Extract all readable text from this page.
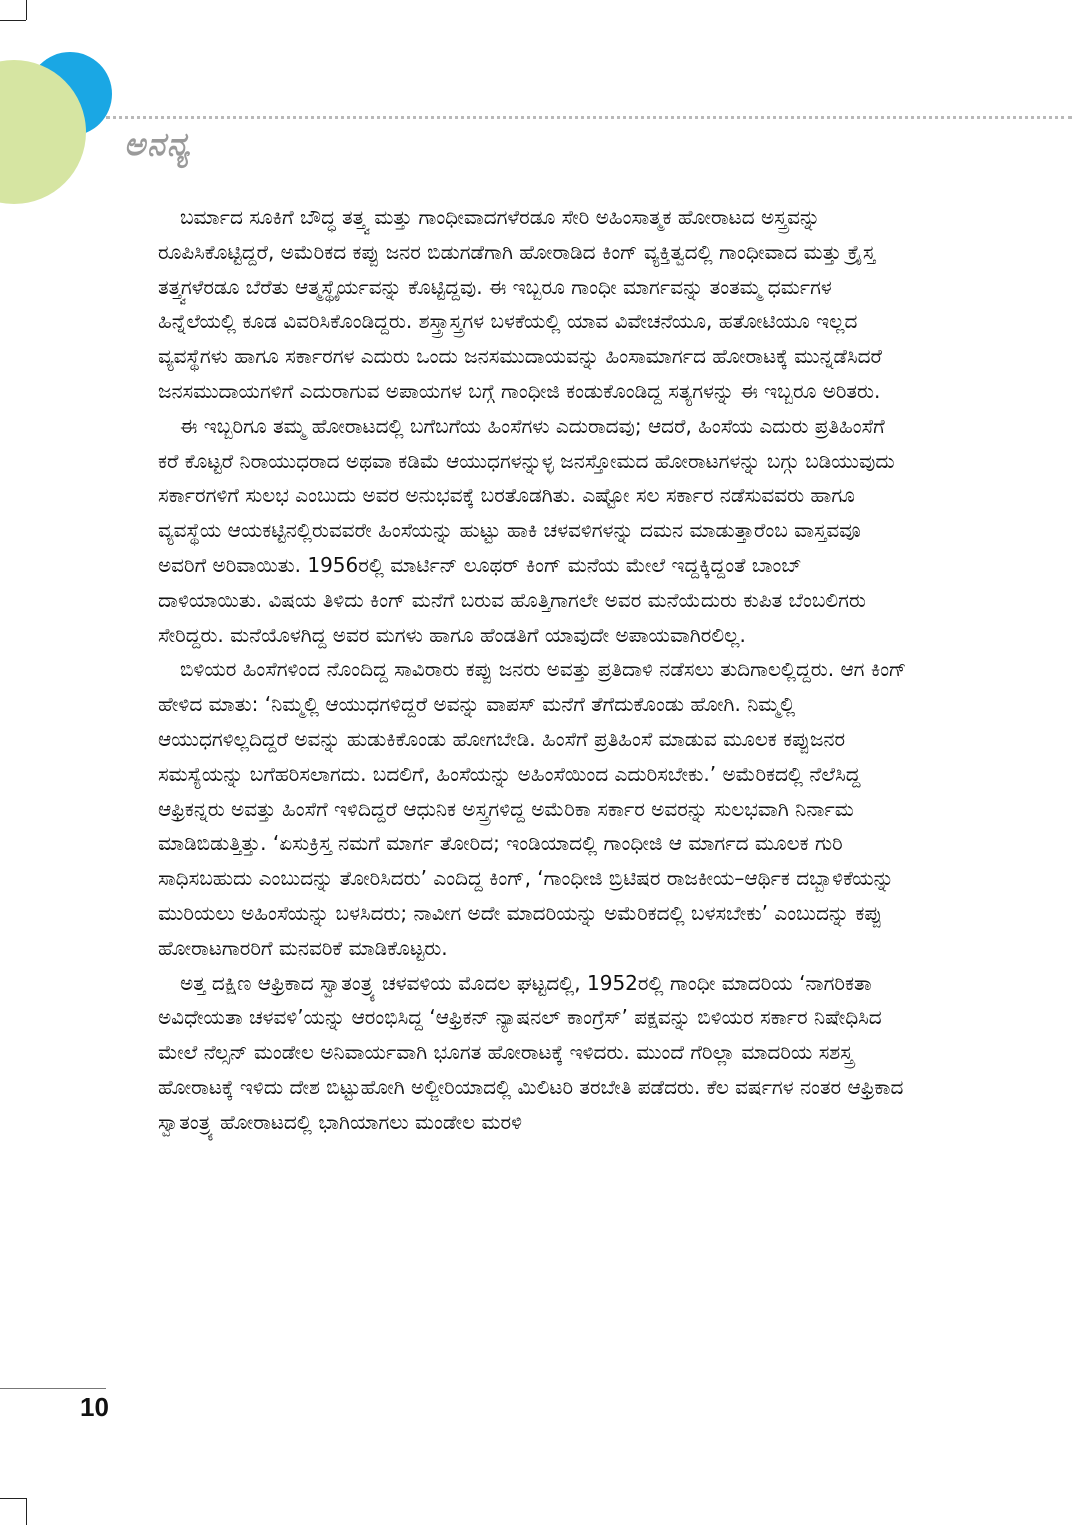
ಅನನ್ಯ

ಬರ್ಮಾದ ಸೂಕಿಗೆ ಬೌದ್ಧ ತತ್ತ್ವ ಮತ್ತು ಗಾಂಧೀವಾದಗಳೆರಡೂ ಸೇರಿ ಅಹಿಂಸಾತ್ಮಕ ಹೋರಾಟದ ಅಸ್ತ್ರವನ್ನು ರೂಪಿಸಿಕೊಟ್ಟಿದ್ದರೆ, ಅಮೆರಿಕದ ಕಪ್ಪು ಜನರ ಬಿಡುಗಡೆಗಾಗಿ ಹೋರಾಡಿದ ಕಿಂಗ್ ವ್ಯಕ್ತಿತ್ವದಲ್ಲಿ ಗಾಂಧೀವಾದ ಮತ್ತು ಕ್ರೈಸ್ತ ತತ್ತ್ವಗಳೆರಡೂ ಬೆರೆತು ಆತ್ಮಸ್ಥೈರ್ಯವನ್ನು ಕೊಟ್ಟಿದ್ದವು. ಈ ಇಬ್ಬರೂ ಗಾಂಧೀ ಮಾರ್ಗವನ್ನು ತಂತಮ್ಮ ಧರ್ಮಗಳ ಹಿನ್ನೆಲೆಯಲ್ಲಿ ಕೂಡ ವಿವರಿಸಿಕೊಂಡಿದ್ದರು. ಶಸ್ತ್ರಾಸ್ತ್ರಗಳ ಬಳಕೆಯಲ್ಲಿ ಯಾವ ವಿವೇಚನೆಯೂ, ಹತೋಟಿಯೂ ಇಲ್ಲದ ವ್ಯವಸ್ಥೆಗಳು ಹಾಗೂ ಸರ್ಕಾರಗಳ ಎದುರು ಒಂದು ಜನಸಮುದಾಯವನ್ನು ಹಿಂಸಾಮಾರ್ಗದ ಹೋರಾಟಕ್ಕೆ ಮುನ್ನಡೆಸಿದರೆ ಜನಸಮುದಾಯಗಳಿಗೆ ಎದುರಾಗುವ ಅಪಾಯಗಳ ಬಗ್ಗೆ ಗಾಂಧೀಜಿ ಕಂಡುಕೊಂಡಿದ್ದ ಸತ್ಯಗಳನ್ನು ಈ ಇಬ್ಬರೂ ಅರಿತರು.

ಈ ಇಬ್ಬರಿಗೂ ತಮ್ಮ ಹೋರಾಟದಲ್ಲಿ ಬಗೆಬಗೆಯ ಹಿಂಸೆಗಳು ಎದುರಾದವು; ಆದರೆ, ಹಿಂಸೆಯ ಎದುರು ಪ್ರತಿಹಿಂಸೆಗೆ ಕರೆ ಕೊಟ್ಟರೆ ನಿರಾಯುಧರಾದ ಅಥವಾ ಕಡಿಮೆ ಆಯುಧಗಳನ್ನುಳ್ಳ ಜನಸ್ತೋಮದ ಹೋರಾಟಗಳನ್ನು ಬಗ್ಗು ಬಡಿಯುವುದು ಸರ್ಕಾರಗಳಿಗೆ ಸುಲಭ ಎಂಬುದು ಅವರ ಅನುಭವಕ್ಕೆ ಬರತೊಡಗಿತು. ಎಷ್ಟೋ ಸಲ ಸರ್ಕಾರ ನಡೆಸುವವರು ಹಾಗೂ ವ್ಯವಸ್ಥೆಯ ಆಯಕಟ್ಟಿನಲ್ಲಿರುವವರೇ ಹಿಂಸೆಯನ್ನು ಹುಟ್ಟು ಹಾಕಿ ಚಳವಳಿಗಳನ್ನು ದಮನ ಮಾಡುತ್ತಾರೆಂಬ ವಾಸ್ತವವೂ ಅವರಿಗೆ ಅರಿವಾಯಿತು. 1956ರಲ್ಲಿ ಮಾರ್ಟಿನ್ ಲೂಥರ್ ಕಿಂಗ್ ಮನೆಯ ಮೇಲೆ ಇದ್ದಕ್ಕಿದ್ದಂತೆ ಬಾಂಬ್ ದಾಳಿಯಾಯಿತು. ವಿಷಯ ತಿಳಿದು ಕಿಂಗ್ ಮನೆಗೆ ಬರುವ ಹೊತ್ತಿಗಾಗಲೇ ಅವರ ಮನೆಯೆದುರು ಕುಪಿತ ಬೆಂಬಲಿಗರು ಸೇರಿದ್ದರು. ಮನೆಯೊಳಗಿದ್ದ ಅವರ ಮಗಳು ಹಾಗೂ ಹೆಂಡತಿಗೆ ಯಾವುದೇ ಅಪಾಯವಾಗಿರಲಿಲ್ಲ.

ಬಿಳಿಯರ ಹಿಂಸೆಗಳಿಂದ ನೊಂದಿದ್ದ ಸಾವಿರಾರು ಕಪ್ಪು ಜನರು ಅವತ್ತು ಪ್ರತಿದಾಳಿ ನಡೆಸಲು ತುದಿಗಾಲಲ್ಲಿದ್ದರು. ಆಗ ಕಿಂಗ್ ಹೇಳಿದ ಮಾತು: ‘ನಿಮ್ಮಲ್ಲಿ ಆಯುಧಗಳಿದ್ದರೆ ಅವನ್ನು ವಾಪಸ್ ಮನೆಗೆ ತೆಗೆದುಕೊಂಡು ಹೋಗಿ. ನಿಮ್ಮಲ್ಲಿ ಆಯುಧಗಳಿಲ್ಲದಿದ್ದರೆ ಅವನ್ನು ಹುಡುಕಿಕೊಂಡು ಹೋಗಬೇಡಿ. ಹಿಂಸೆಗೆ ಪ್ರತಿಹಿಂಸೆ ಮಾಡುವ ಮೂಲಕ ಕಪ್ಪುಜನರ ಸಮಸ್ಯೆಯನ್ನು ಬಗೆಹರಿಸಲಾಗದು. ಬದಲಿಗೆ, ಹಿಂಸೆಯನ್ನು ಅಹಿಂಸೆಯಿಂದ ಎದುರಿಸಬೇಕು.’ ಅಮೆರಿಕದಲ್ಲಿ ನೆಲೆಸಿದ್ದ ಆಫ್ರಿಕನ್ನರು ಅವತ್ತು ಹಿಂಸೆಗೆ ಇಳಿದಿದ್ದರೆ ಆಧುನಿಕ ಅಸ್ತ್ರಗಳಿದ್ದ ಅಮೆರಿಕಾ ಸರ್ಕಾರ ಅವರನ್ನು ಸುಲಭವಾಗಿ ನಿರ್ನಾಮ ಮಾಡಿಬಿಡುತ್ತಿತ್ತು. ‘ಏಸುಕ್ರಿಸ್ತ ನಮಗೆ ಮಾರ್ಗ ತೋರಿದ; ಇಂಡಿಯಾದಲ್ಲಿ ಗಾಂಧೀಜಿ ಆ ಮಾರ್ಗದ ಮೂಲಕ ಗುರಿ ಸಾಧಿಸಬಹುದು ಎಂಬುದನ್ನು ತೋರಿಸಿದರು’ ಎಂದಿದ್ದ ಕಿಂಗ್, ‘ಗಾಂಧೀಜಿ ಬ್ರಿಟಿಷರ ರಾಜಕೀಯ–ಆರ್ಥಿಕ ದಬ್ಬಾಳಿಕೆಯನ್ನು ಮುರಿಯಲು ಅಹಿಂಸೆಯನ್ನು ಬಳಸಿದರು; ನಾವೀಗ ಅದೇ ಮಾದರಿಯನ್ನು ಅಮೆರಿಕದಲ್ಲಿ ಬಳಸಬೇಕು’ ಎಂಬುದನ್ನು ಕಪ್ಪು ಹೋರಾಟಗಾರರಿಗೆ ಮನವರಿಕೆ ಮಾಡಿಕೊಟ್ಟರು.

ಅತ್ತ ದಕ್ಷಿಣ ಆಫ್ರಿಕಾದ ಸ್ವಾತಂತ್ರ್ಯ ಚಳವಳಿಯ ಮೊದಲ ಘಟ್ಟದಲ್ಲಿ, 1952ರಲ್ಲಿ ಗಾಂಧೀ ಮಾದರಿಯ ‘ನಾಗರಿಕತಾ ಅವಿಧೇಯತಾ ಚಳವಳಿ’ಯನ್ನು ಆರಂಭಿಸಿದ್ದ ‘ಆಫ್ರಿಕನ್ ನ್ಯಾಷನಲ್ ಕಾಂಗ್ರೆಸ್’ ಪಕ್ಷವನ್ನು ಬಿಳಿಯರ ಸರ್ಕಾರ ನಿಷೇಧಿಸಿದ ಮೇಲೆ ನೆಲ್ಸನ್ ಮಂಡೇಲ ಅನಿವಾರ್ಯವಾಗಿ ಭೂಗತ ಹೋರಾಟಕ್ಕೆ ಇಳಿದರು. ಮುಂದೆ ಗೆರಿಲ್ಲಾ ಮಾದರಿಯ ಸಶಸ್ತ್ರ ಹೋರಾಟಕ್ಕೆ ಇಳಿದು ದೇಶ ಬಿಟ್ಟುಹೋಗಿ ಅಲ್ಜೀರಿಯಾದಲ್ಲಿ ಮಿಲಿಟರಿ ತರಬೇತಿ ಪಡೆದರು. ಕೆಲ ವರ್ಷಗಳ ನಂತರ ಆಫ್ರಿಕಾದ ಸ್ವಾತಂತ್ರ್ಯ ಹೋರಾಟದಲ್ಲಿ ಭಾಗಿಯಾಗಲು ಮಂಡೇಲ ಮರಳಿ

10
